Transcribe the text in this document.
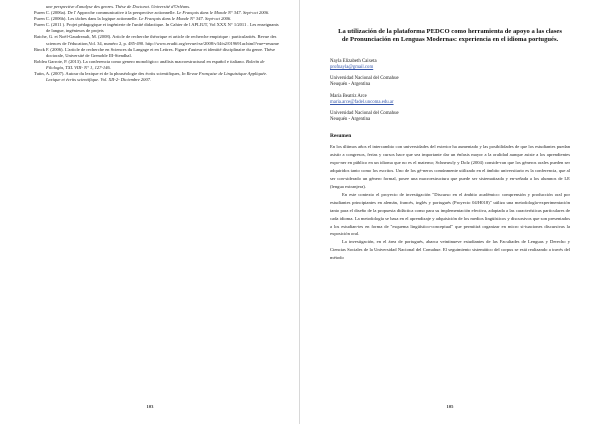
une perspective d'analyse des genres. Thèse de Doctorat. Université d'Orléans.

Puren C. (2006a). De l' Approche communicative à la perspective actionnelle. Le Français dans le Monde N° 347. Sept-oct 2006.

Puren C. (2006b). Les tâches dans la logique actionnelle. Le Français dans le Monde N° 347. Sept-oct 2006.

Puren C. (2011 ). Projet pédagogique et ingénierie de l'unité didactique. In Cahier de l APLIUT, Vol XXX N° 1/2011 . Les enseignants de langue, ingénieurs de projets

Raiche, G. et Noël-Gaudreault, M. (2008). Article de recherche théorique et article de recherche empirique : particularités. Revue des sciences de l'éducation,Vol. 34, numéro 2, p. 485-490. http://www.erudit.org/revue/rse/2008/v34/n2/019691ar.html?vue=resume

Rinck F. (2006). L'article de recherche en Sciences du Langage et en Lettres. Figure d'auteur et identité disciplinaire du genre. Thèse doctorale, Université de Grenoble III-Stendhal.

Roblea Garrote, P. (2013). La conferencia como genero monológico: análisis macroestructural en español e italiano. Boletín de Filología, TXL VIII- N° 1, 127-146.

Tutin, A. (2007). Autour du lexique et de la phraséologie des écrits scientifiques, In Revue Française de Linguistique Appliquée. Lexique et écrits scientifique. Vol. XII-2- Diciembre 2007.

103
La utilización de la plataforma PEDCO como herramienta de apoyo a las clases de Pronunciación en Lenguas Modernas: experiencia en el idioma portugués.
Nayla Elizabeth Caixeta
profnayla@gmail.com
Universidad Nacional del Comahue
Neuquén - Argentina
María Beatriz Arce
maria.arce@fadel.uncoma.edu.ar
Universidad Nacional del Comahue
Neuquén - Argentina
Resumen

En los últimos años el intercambio con universidades del exterior ha aumentado y las posibilidades de que los estudiantes puedan asistir a congresos, ferias y cursos hace que sea importante dar un énfasis mayor a la oralidad aunque asiste a los aprendientes expo-ner en público en un idioma que no es el materno; Schneuwly y Dolz (2004) conside-ran que los géneros orales pueden ser adquiridos tanto como los escritos. Uno de los gé-neros comúnmente utilizado en el ámbito universitario es la conferencia, que al ser con-siderado un género formal, posee una macroestructura que puede ser sistematizada y en-señada a los alumnos de LE (lengua extranjera).

En este contexto el proyecto de investigación "Discurso en el ámbito académico: comprensión y producción oral por estudiantes principiantes en alemán, francés, inglés y portugués (Proyecto 04/H018)" utiliza una metodología-experimentación tanto para el diseño de la propuesta didáctica como para su implementación efectiva, adaptada a las características particulares de cada idioma. La metodología se basa en el aprendizaje y adquisición de los medios lingüísticos y discursivos que son presentados a los estudian-tes en forma de "esquema lingüístico-conceptual" que permitirá organizar en micro si-tuaciones discursivas la exposición oral.

La investigación, en el área de portugués, abarca veintinueve estudiantes de las Facultades de Lenguas y Derecho y Ciencias Sociales de la Universidad Nacional del Comahue. El seguimiento sistemático del corpus se está realizando a través del método

105
